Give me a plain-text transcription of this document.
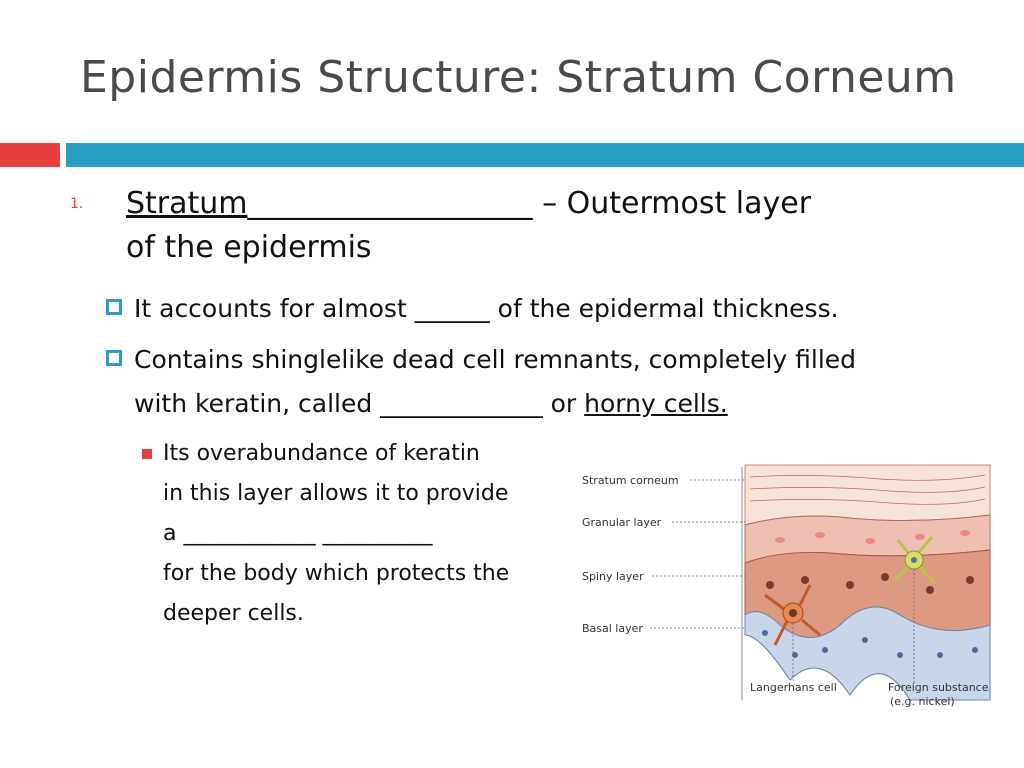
Epidermis Structure: Stratum Corneum
1. Stratum___________________ – Outermost layer
of the epidermis
It accounts for almost ______ of the epidermal thickness.
Contains shinglelike dead cell remnants, completely filled
with keratin, called _____________ or horny cells.
Its overabundance of keratin
in this layer allows it to provide
a ____________ __________
for the body which protects the
deeper cells.
Stratum corneum
Granular layer
Spiny layer
Basal layer
Langerhans cell	Foreign substance
(e.g. nickel)
